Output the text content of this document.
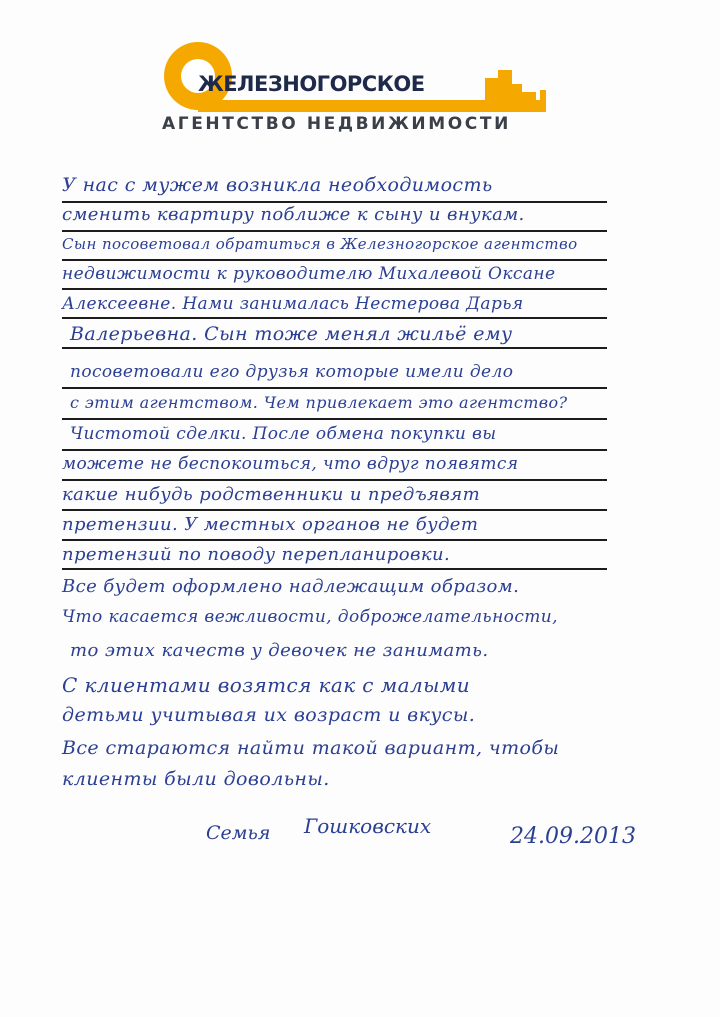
ЖЕЛЕЗНОГОРСКОЕ
АГЕНТСТВО НЕДВИЖИМОСТИ
У нас с мужем возникла необходимость
сменить квартиру поближе к сыну и внукам.
Сын посоветовал обратиться в Железногорское агентство
недвижимости к руководителю Михалевой Оксане
Алексеевне. Нами занималась Нестерова Дарья
Валерьевна. Сын тоже менял жильё ему
посоветовали его друзья которые имели дело
с этим агентством. Чем привлекает это агентство?
Чистотой сделки. После обмена покупки вы
можете не беспокоиться, что вдруг появятся
какие нибудь родственники и предъявят
претензии. У местных органов не будет
претензий по поводу перепланировки.
Все будет оформлено надлежащим образом.
Что касается вежливости, доброжелательности,
то этих качеств у девочек не занимать.
С клиентами возятся как с малыми
детьми учитывая их возраст и вкусы.
Все стараются найти такой вариант, чтобы
клиенты были довольны.
Семья Гошковских	24.09.2013
